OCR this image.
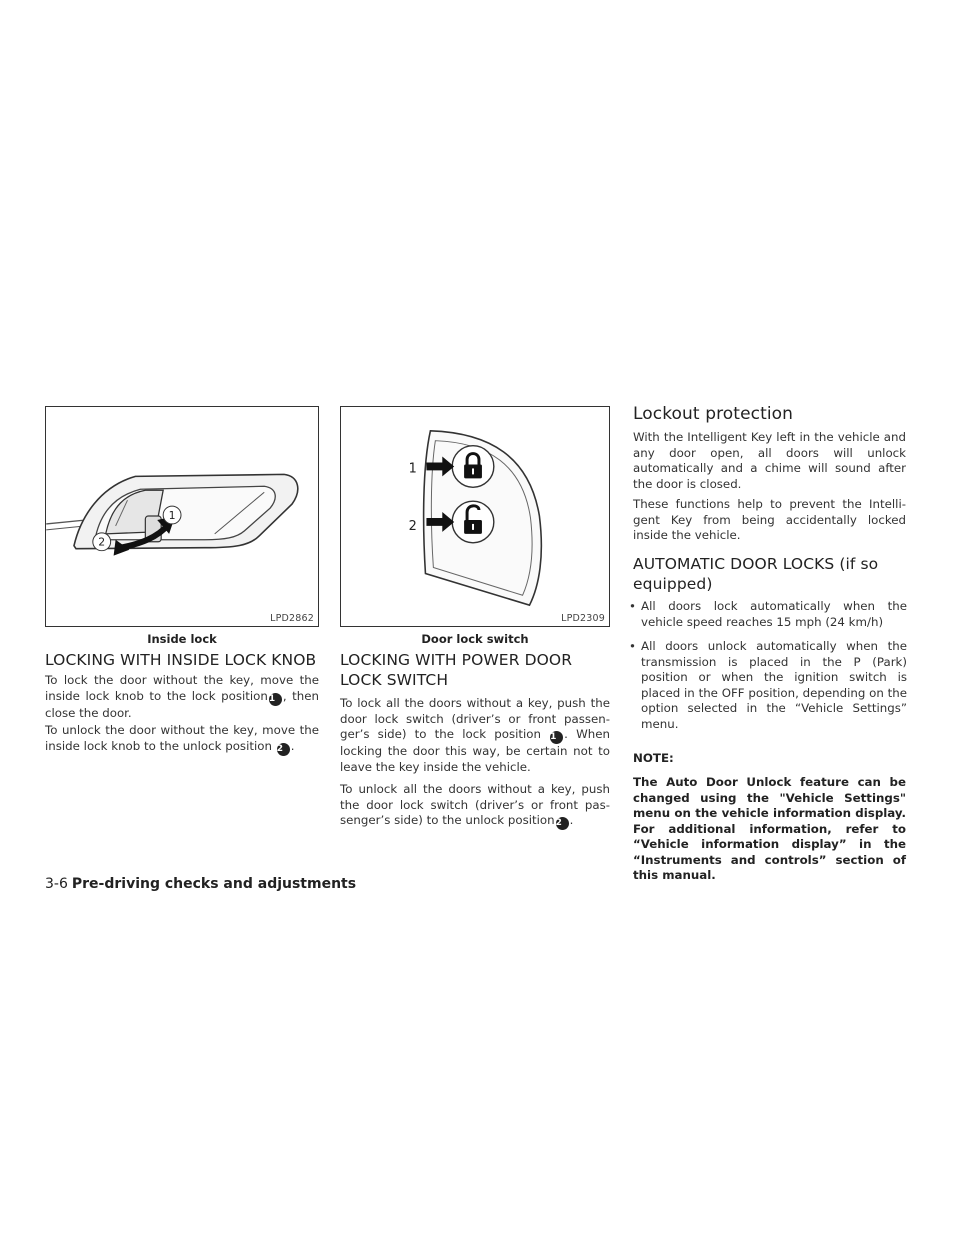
1
2
LPD2862
Inside lock
1
2
LPD2309
Door lock switch
LOCKING WITH INSIDE LOCK KNOB

To lock the door without the key, move the inside lock knob to the lock position1 , then close the door.

To unlock the door without the key, move the inside lock knob to the unlock position 2 .

LOCKING WITH POWER DOOR LOCK SWITCH

To lock all the doors without a key, push the door lock switch (driver’s or front passen-ger’s side) to the lock position 1 . When locking the door this way, be certain not to leave the key inside the vehicle.

To unlock all the doors without a key, push the door lock switch (driver’s or front pas-senger’s side) to the unlock position2 .

Lockout protection

With the Intelligent Key left in the vehicle and any door open, all doors will unlock automatically and a chime will sound after the door is closed.

These functions help to prevent the Intelli-gent Key from being accidentally locked inside the vehicle.

AUTOMATIC DOOR LOCKS (if so equipped)
• All doors lock automatically when the vehicle speed reaches 15 mph (24 km/h)
• All doors unlock automatically when the transmission is placed in the P (Park) position or when the ignition switch is placed in the OFF position, depending on the option selected in the “Vehicle Settings” menu.

NOTE:

The Auto Door Unlock feature can be changed using the "Vehicle Settings" menu on the vehicle information display. For additional information, refer to “Vehicle information display” in the “Instruments and controls” section of this manual.

3-6 Pre-driving checks and adjustments
